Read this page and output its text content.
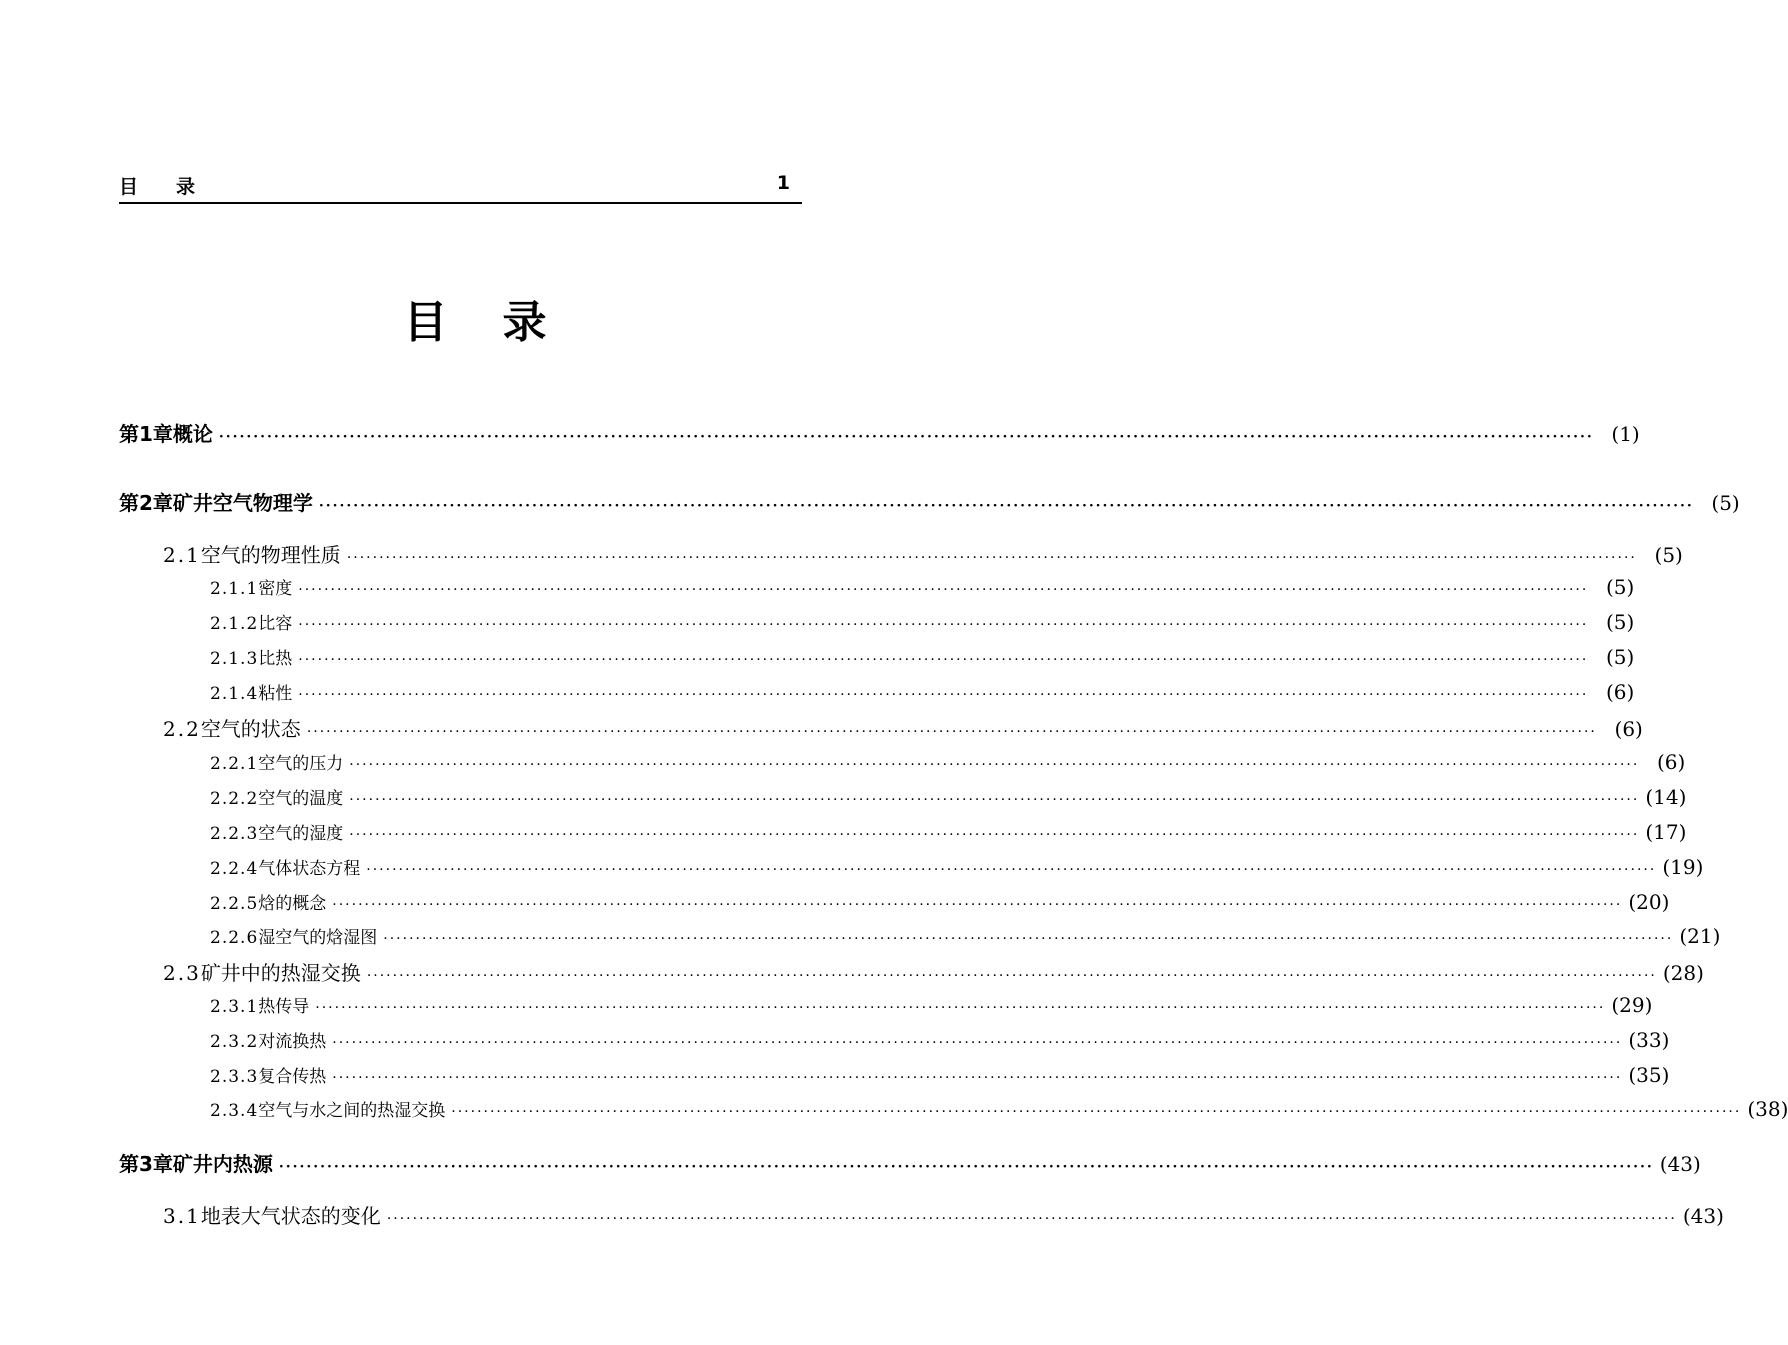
目录	1
目录
第1章 概论 ········································································································································································································ (1)
第2章 矿井空气物理学 ········································································································································································································ (5)
2.1 空气的物理性质 ········································································································································································································ (5)
2.1.1 密度 ········································································································································································································ (5)
2.1.2 比容 ········································································································································································································ (5)
2.1.3 比热 ········································································································································································································ (5)
2.1.4 粘性 ········································································································································································································ (6)
2.2 空气的状态 ········································································································································································································ (6)
2.2.1 空气的压力 ········································································································································································································ (6)
2.2.2 空气的温度 ········································································································································································································ (14)
2.2.3 空气的湿度 ········································································································································································································ (17)
2.2.4 气体状态方程 ········································································································································································································ (19)
2.2.5 焓的概念 ········································································································································································································ (20)
2.2.6 湿空气的焓湿图 ········································································································································································································ (21)
2.3 矿井中的热湿交换 ········································································································································································································ (28)
2.3.1 热传导 ········································································································································································································ (29)
2.3.2 对流换热 ········································································································································································································ (33)
2.3.3 复合传热 ········································································································································································································ (35)
2.3.4 空气与水之间的热湿交换 ········································································································································································································ (38)
第3章 矿井内热源 ········································································································································································································ (43)
3.1 地表大气状态的变化 ········································································································································································································ (43)
